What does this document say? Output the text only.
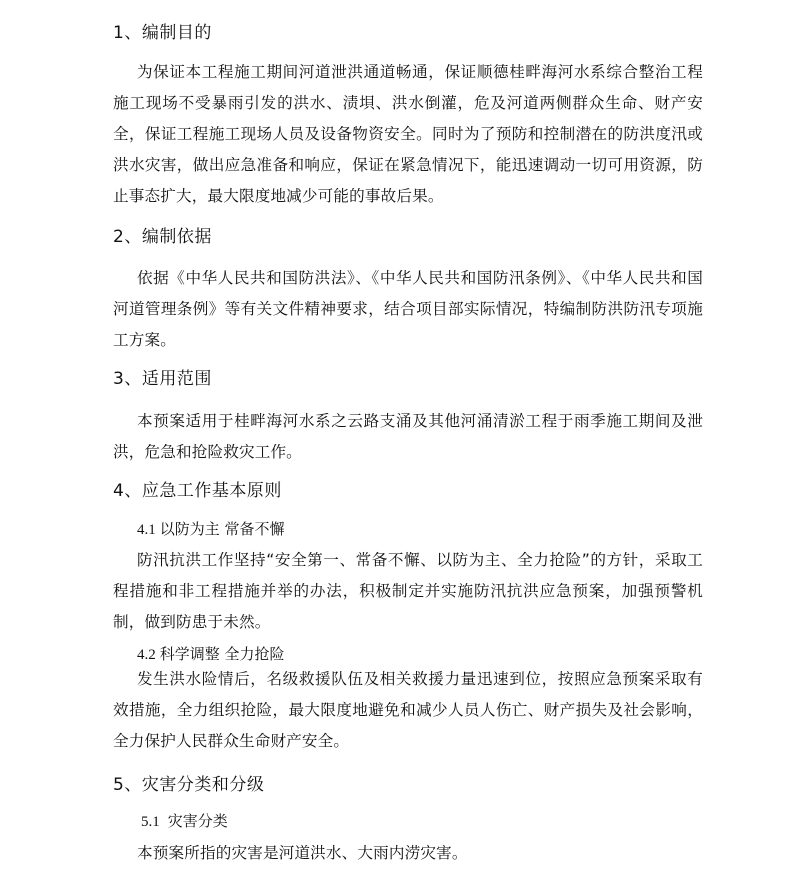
1、编制目的
为保证本工程施工期间河道泄洪通道畅通，保证顺德桂畔海河水系综合整治工程施工现场不受暴雨引发的洪水、渍垻、洪水倒灌，危及河道两侧群众生命、财产安全，保证工程施工现场人员及设备物资安全。同时为了预防和控制潜在的防洪度汛或洪水灾害，做出应急准备和响应，保证在紧急情况下，能迅速调动一切可用资源，防止事态扩大，最大限度地减少可能的事故后果。
2、编制依据
依据《中华人民共和国防洪法》、《中华人民共和国防汛条例》、《中华人民共和国河道管理条例》等有关文件精神要求，结合项目部实际情况，特编制防洪防汛专项施工方案。
3、适用范围
本预案适用于桂畔海河水系之云路支涌及其他河涌清淤工程于雨季施工期间及泄洪，危急和抢险救灾工作。
4、应急工作基本原则
4.1 以防为主 常备不懈
防汛抗洪工作坚持“安全第一、常备不懈、以防为主、全力抢险”的方针，采取工程措施和非工程措施并举的办法，积极制定并实施防汛抗洪应急预案，加强预警机制，做到防患于未然。
4.2 科学调整 全力抢险
发生洪水险情后，名级救援队伍及相关救援力量迅速到位，按照应急预案采取有效措施，全力组织抢险，最大限度地避免和减少人员人伤亡、财产损失及社会影响，全力保护人民群众生命财产安全。
5、灾害分类和分级
5.1 灾害分类
本预案所指的灾害是河道洪水、大雨内涝灾害。
